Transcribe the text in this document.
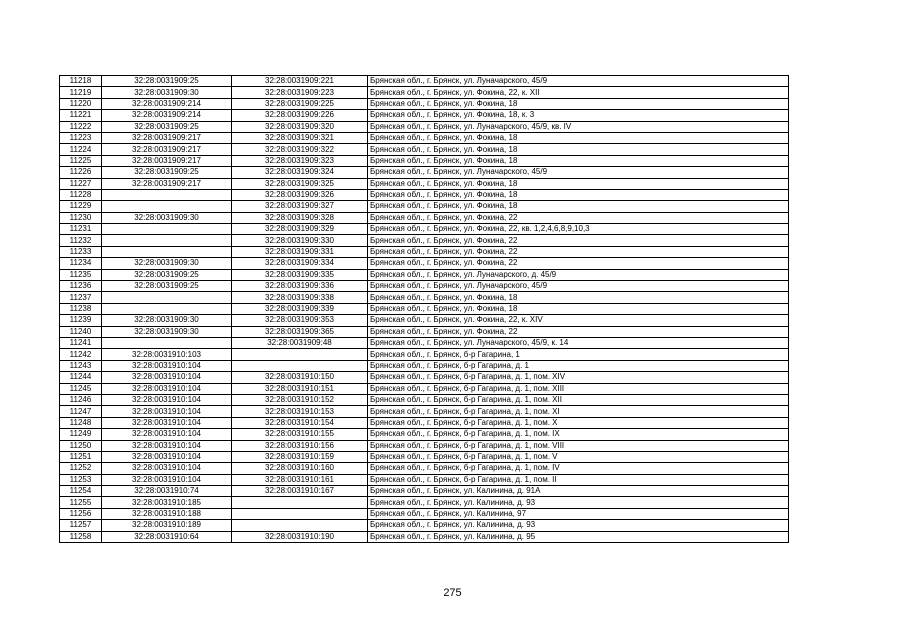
11218	32:28:0031909:25	32:28:0031909:221	Брянская обл., г. Брянск, ул. Луначарского, 45/9
11219	32:28:0031909:30	32:28:0031909:223	Брянская обл., г. Брянск, ул. Фокина, 22, к. XII
11220	32:28:0031909:214	32:28:0031909:225	Брянская обл., г. Брянск, ул. Фокина, 18
11221	32:28:0031909:214	32:28:0031909:226	Брянская обл., г. Брянск, ул. Фокина, 18, к. 3
11222	32:28:0031909:25	32:28:0031909:320	Брянская обл., г. Брянск, ул. Луначарского, 45/9, кв. IV
11223	32:28:0031909:217	32:28:0031909:321	Брянская обл., г. Брянск, ул. Фокина, 18
11224	32:28:0031909:217	32:28:0031909:322	Брянская обл., г. Брянск, ул. Фокина, 18
11225	32:28:0031909:217	32:28:0031909:323	Брянская обл., г. Брянск, ул. Фокина, 18
11226	32:28:0031909:25	32:28:0031909:324	Брянская обл., г. Брянск, ул. Луначарского, 45/9
11227	32:28:0031909:217	32:28:0031909:325	Брянская обл., г. Брянск, ул. Фокина, 18
11228		32:28:0031909:326	Брянская обл., г. Брянск, ул. Фокина, 18
11229		32:28:0031909:327	Брянская обл., г. Брянск, ул. Фокина, 18
11230	32:28:0031909:30	32:28:0031909:328	Брянская обл., г. Брянск, ул. Фокина, 22
11231		32:28:0031909:329	Брянская обл., г. Брянск, ул. Фокина, 22, кв. 1,2,4,6,8,9,10,3
11232		32:28:0031909:330	Брянская обл., г. Брянск, ул. Фокина, 22
11233		32:28:0031909:331	Брянская обл., г. Брянск, ул. Фокина, 22
11234	32:28:0031909:30	32:28:0031909:334	Брянская обл., г. Брянск, ул. Фокина, 22
11235	32:28:0031909:25	32:28:0031909:335	Брянская обл., г. Брянск, ул. Луначарского, д. 45/9
11236	32:28:0031909:25	32:28:0031909:336	Брянская обл., г. Брянск, ул. Луначарского, 45/9
11237		32:28:0031909:338	Брянская обл., г. Брянск, ул. Фокина, 18
11238		32:28:0031909:339	Брянская обл., г. Брянск, ул. Фокина, 18
11239	32:28:0031909:30	32:28:0031909:353	Брянская обл., г. Брянск, ул. Фокина, 22, к. XIV
11240	32:28:0031909:30	32:28:0031909:365	Брянская обл., г. Брянск, ул. Фокина, 22
11241		32:28:0031909:48	Брянская обл., г. Брянск, ул. Луначарского, 45/9, к. 14
11242	32:28:0031910:103		Брянская обл., г. Брянск, б-р Гагарина, 1
11243	32:28:0031910:104		Брянская обл., г. Брянск, б-р Гагарина, д. 1
11244	32:28:0031910:104	32:28:0031910:150	Брянская обл., г. Брянск, б-р Гагарина, д. 1, пом. XIV
11245	32:28:0031910:104	32:28:0031910:151	Брянская обл., г. Брянск, б-р Гагарина, д. 1, пом. XIII
11246	32:28:0031910:104	32:28:0031910:152	Брянская обл., г. Брянск, б-р Гагарина, д. 1, пом. XII
11247	32:28:0031910:104	32:28:0031910:153	Брянская обл., г. Брянск, б-р Гагарина, д. 1, пом. XI
11248	32:28:0031910:104	32:28:0031910:154	Брянская обл., г. Брянск, б-р Гагарина, д. 1, пом. X
11249	32:28:0031910:104	32:28:0031910:155	Брянская обл., г. Брянск, б-р Гагарина, д. 1, пом. IX
11250	32:28:0031910:104	32:28:0031910:156	Брянская обл., г. Брянск, б-р Гагарина, д. 1, пом. VIII
11251	32:28:0031910:104	32:28:0031910:159	Брянская обл., г. Брянск, б-р Гагарина, д. 1, пом. V
11252	32:28:0031910:104	32:28:0031910:160	Брянская обл., г. Брянск, б-р Гагарина, д. 1, пом. IV
11253	32:28:0031910:104	32:28:0031910:161	Брянская обл., г. Брянск, б-р Гагарина, д. 1, пом. II
11254	32:28:0031910:74	32:28:0031910:167	Брянская обл., г. Брянск, ул. Калинина, д. 91А
11255	32:28:0031910:185		Брянская обл., г. Брянск, ул. Калинина, д. 93
11256	32:28:0031910:188		Брянская обл., г. Брянск, ул. Калинина, 97
11257	32:28:0031910:189		Брянская обл., г. Брянск, ул. Калинина, д. 93
11258	32:28:0031910:64	32:28:0031910:190	Брянская обл., г. Брянск, ул. Калинина, д. 95
275
